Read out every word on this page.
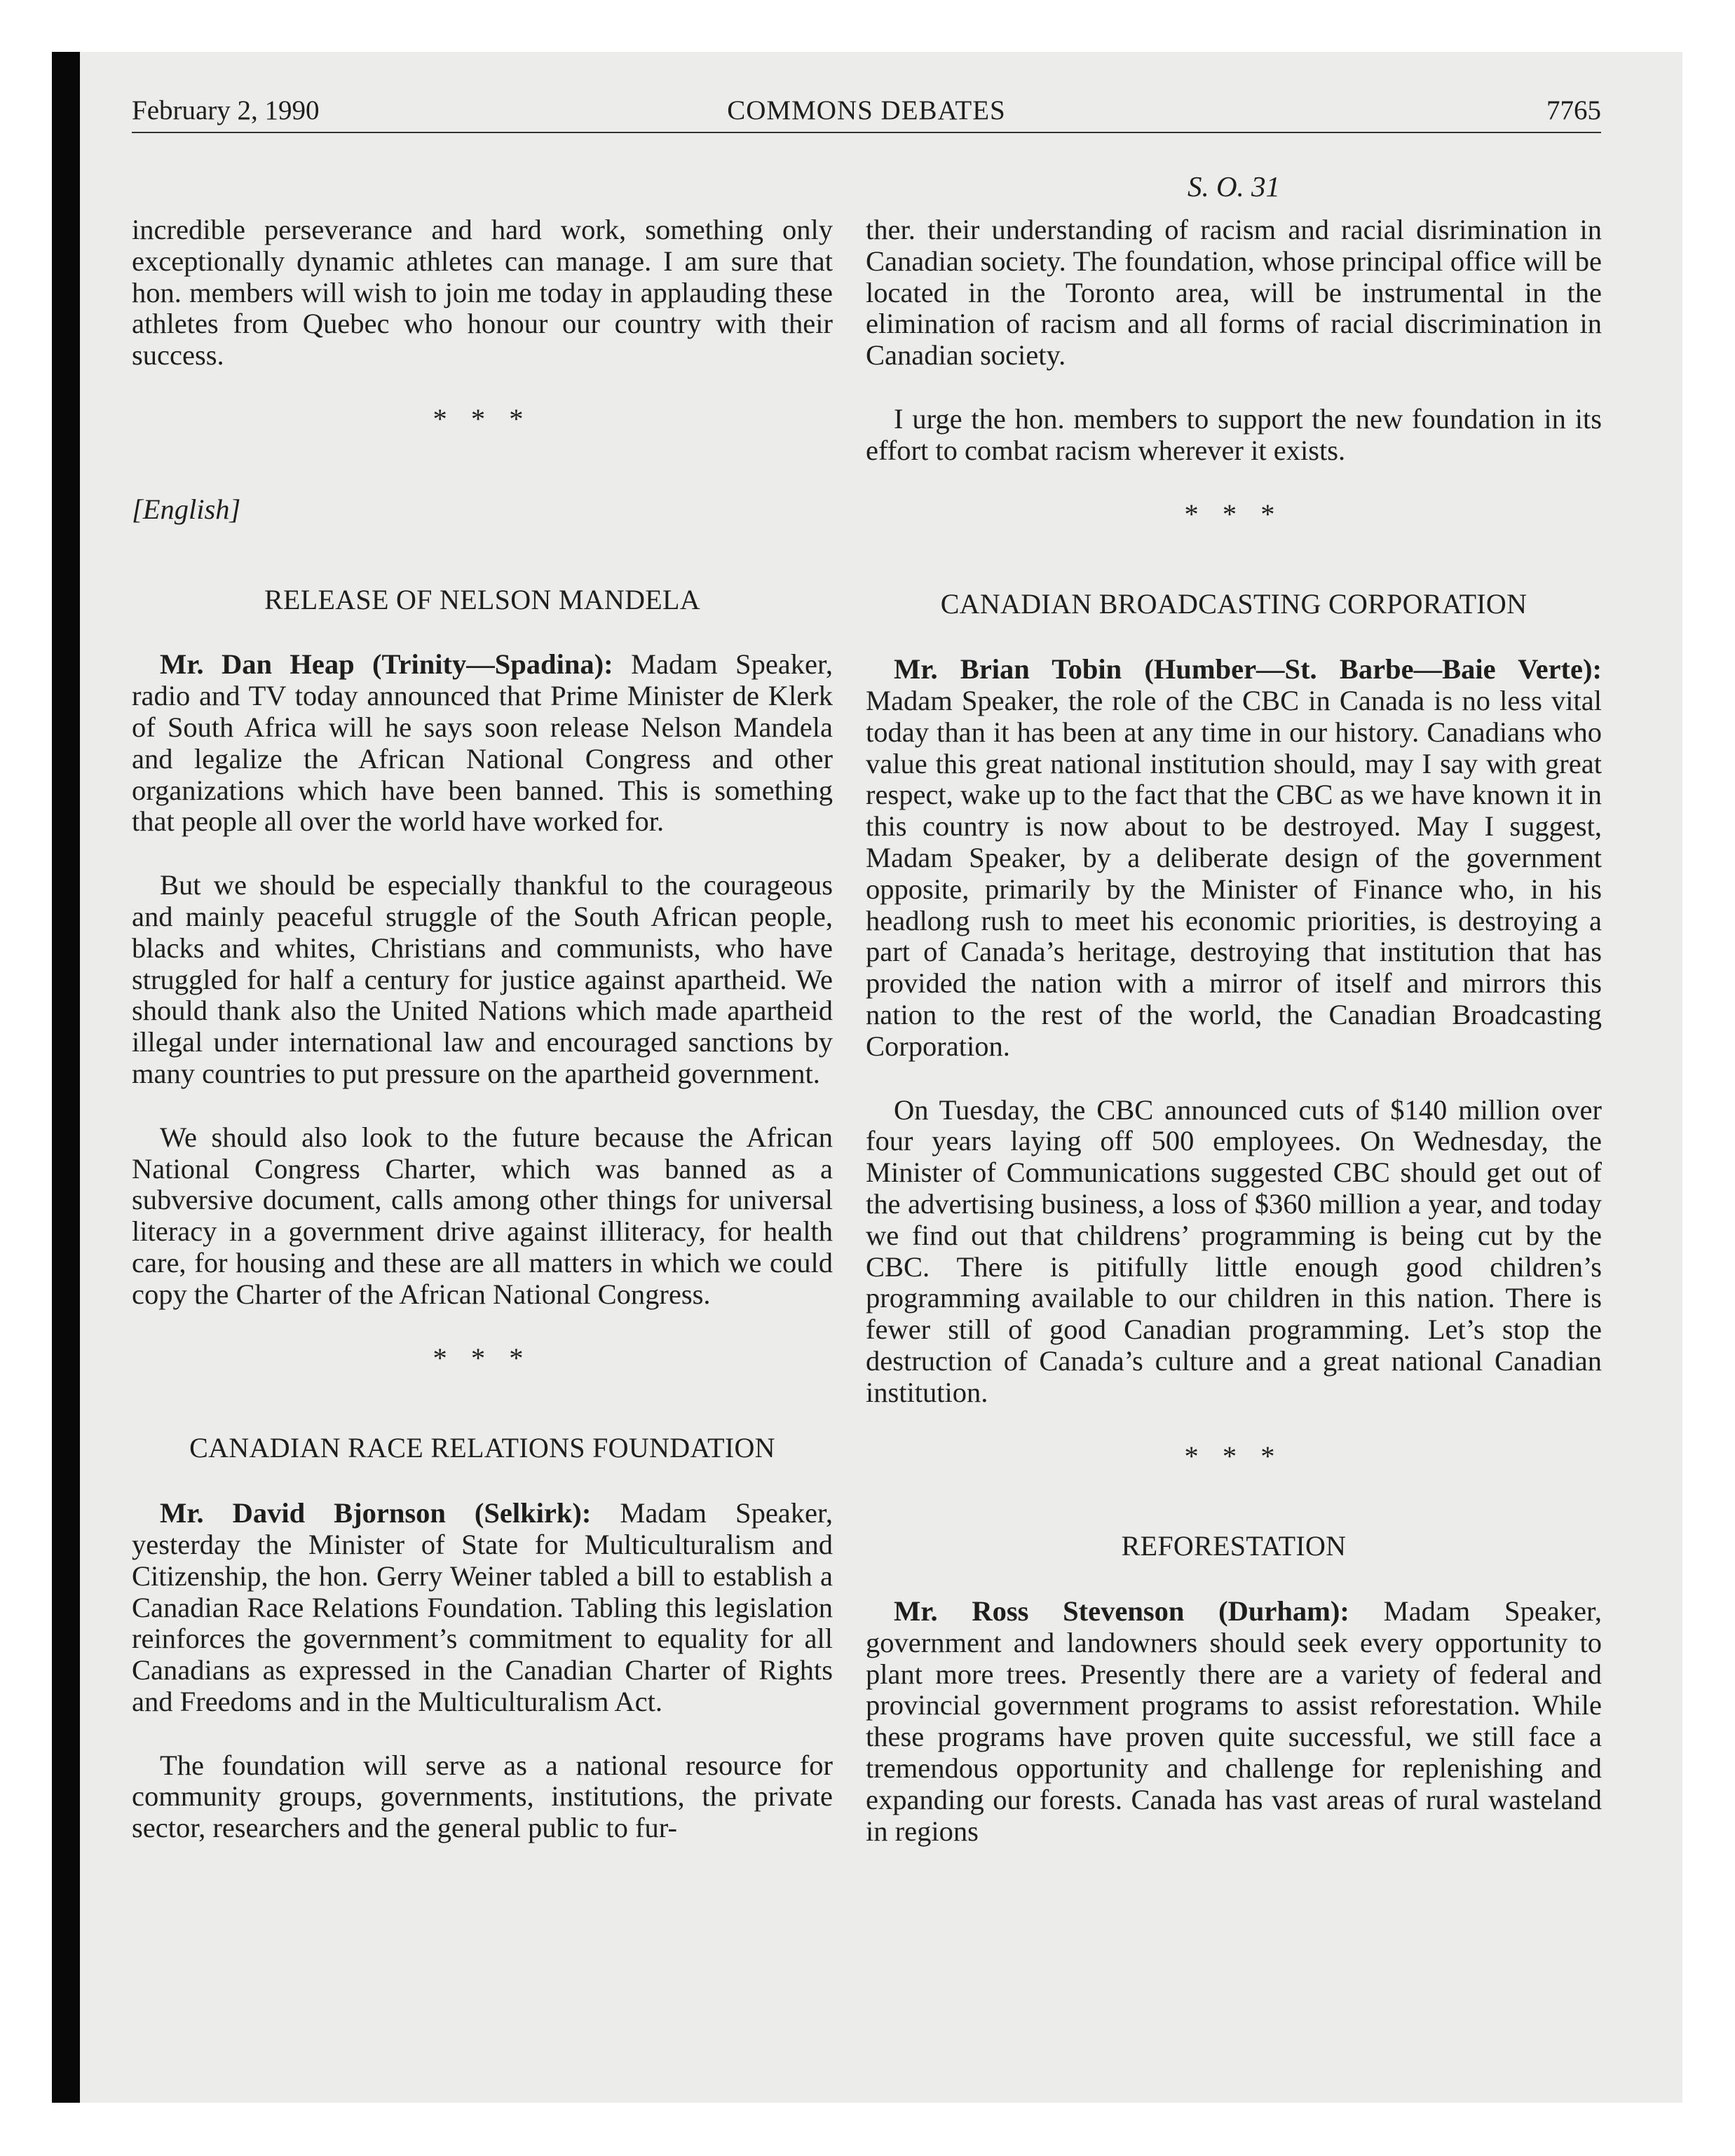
February 2, 1990	COMMONS DEBATES	7765
S. O. 31

incredible perseverance and hard work, something only exceptionally dynamic athletes can manage. I am sure that hon. members will wish to join me today in applauding these athletes from Quebec who honour our country with their success.

* * *

[English]

RELEASE OF NELSON MANDELA

Mr. Dan Heap (Trinity—Spadina): Madam Speaker, radio and TV today announced that Prime Minister de Klerk of South Africa will he says soon release Nelson Mandela and legalize the African National Congress and other organizations which have been banned. This is something that people all over the world have worked for.

But we should be especially thankful to the courageous and mainly peaceful struggle of the South African people, blacks and whites, Christians and communists, who have struggled for half a century for justice against apartheid. We should thank also the United Nations which made apartheid illegal under international law and encouraged sanctions by many countries to put pressure on the apartheid government.

We should also look to the future because the African National Congress Charter, which was banned as a subversive document, calls among other things for universal literacy in a government drive against illiteracy, for health care, for housing and these are all matters in which we could copy the Charter of the African National Congress.

* * *

CANADIAN RACE RELATIONS FOUNDATION

Mr. David Bjornson (Selkirk): Madam Speaker, yesterday the Minister of State for Multiculturalism and Citizenship, the hon. Gerry Weiner tabled a bill to establish a Canadian Race Relations Foundation. Tabling this legislation reinforces the government’s commitment to equality for all Canadians as expressed in the Canadian Charter of Rights and Freedoms and in the Multiculturalism Act.

The foundation will serve as a national resource for community groups, governments, institutions, the private sector, researchers and the general public to fur-

ther. their understanding of racism and racial disrimination in Canadian society. The foundation, whose principal office will be located in the Toronto area, will be instrumental in the elimination of racism and all forms of racial discrimination in Canadian society.

I urge the hon. members to support the new foundation in its effort to combat racism wherever it exists.

* * *

CANADIAN BROADCASTING CORPORATION

Mr. Brian Tobin (Humber—St. Barbe—Baie Verte): Madam Speaker, the role of the CBC in Canada is no less vital today than it has been at any time in our history. Canadians who value this great national institution should, may I say with great respect, wake up to the fact that the CBC as we have known it in this country is now about to be destroyed. May I suggest, Madam Speaker, by a deliberate design of the government opposite, primarily by the Minister of Finance who, in his headlong rush to meet his economic priorities, is destroying a part of Canada’s heritage, destroying that institution that has provided the nation with a mirror of itself and mirrors this nation to the rest of the world, the Canadian Broadcasting Corporation.

On Tuesday, the CBC announced cuts of $140 million over four years laying off 500 employees. On Wednesday, the Minister of Communications suggested CBC should get out of the advertising business, a loss of $360 million a year, and today we find out that childrens’ programming is being cut by the CBC. There is pitifully little enough good children’s programming available to our children in this nation. There is fewer still of good Canadian programming. Let’s stop the destruction of Canada’s culture and a great national Canadian institution.

* * *

REFORESTATION

Mr. Ross Stevenson (Durham): Madam Speaker, government and landowners should seek every opportunity to plant more trees. Presently there are a variety of federal and provincial government programs to assist reforestation. While these programs have proven quite successful, we still face a tremendous opportunity and challenge for replenishing and expanding our forests. Canada has vast areas of rural wasteland in regions
